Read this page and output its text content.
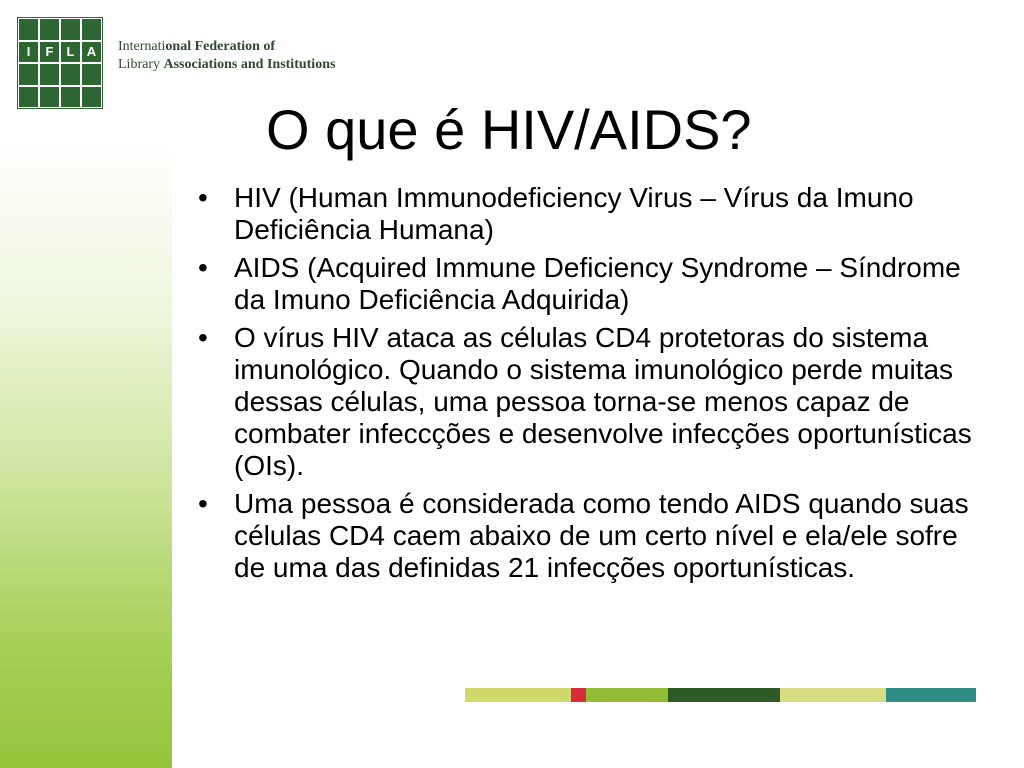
I	F	L A	International Federation of
Library Associations and Institutions
O que é HIV/AIDS?
• HIV (Human Immunodeficiency Virus – Vírus da Imuno Deficiência Humana)
• AIDS (Acquired Immune Deficiency Syndrome – Síndrome da Imuno Deficiência Adquirida)
• O vírus HIV ataca as células CD4 protetoras do sistema imunológico. Quando o sistema imunológico perde muitas dessas células, uma pessoa torna-se menos capaz de combater infeccções e desenvolve infecções oportunísticas (OIs).
• Uma pessoa é considerada como tendo AIDS quando suas células CD4 caem abaixo de um certo nível e ela/ele sofre de uma das definidas 21 infecções oportunísticas.
